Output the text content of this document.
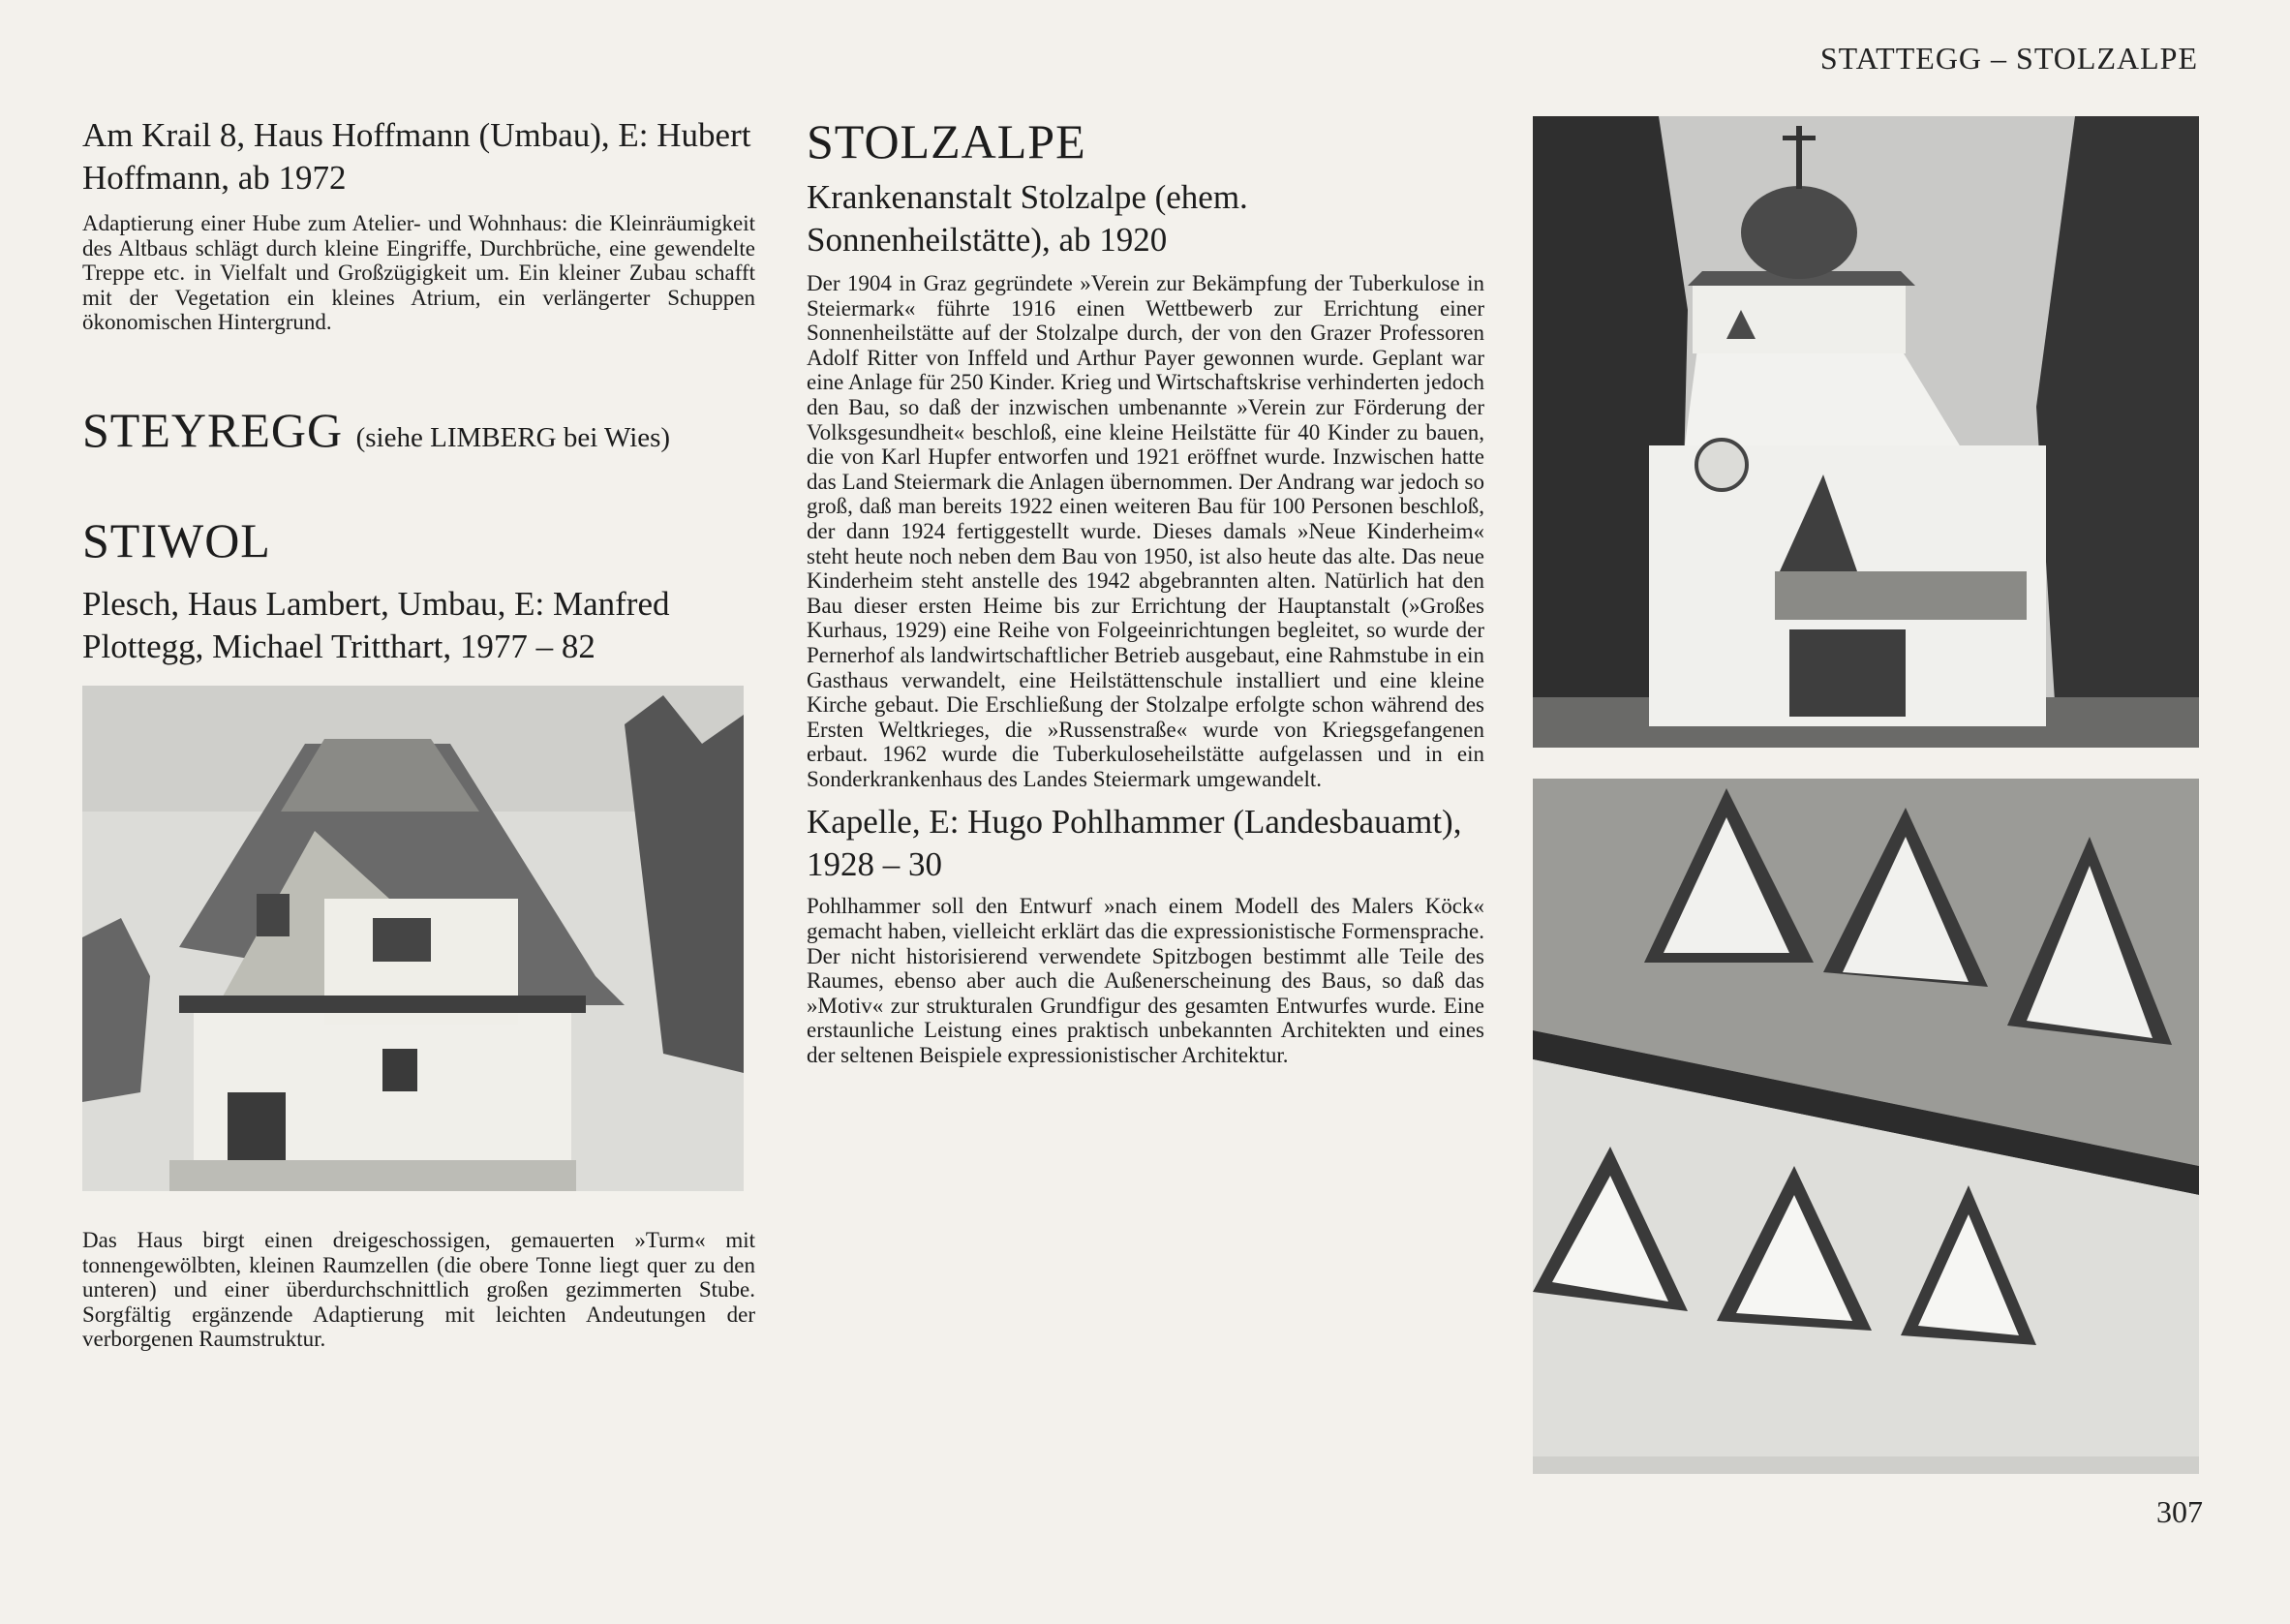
STATTEGG – STOLZALPE
Am Krail 8, Haus Hoffmann (Umbau), E: Hubert Hoffmann, ab 1972

Adaptierung einer Hube zum Atelier- und Wohnhaus: die Kleinräumigkeit des Altbaus schlägt durch kleine Eingriffe, Durchbrüche, eine gewendelte Treppe etc. in Vielfalt und Großzügigkeit um. Ein kleiner Zubau schafft mit der Vegetation ein kleines Atrium, ein verlängerter Schuppen ökonomischen Hintergrund.

STEYREGG (siehe LIMBERG bei Wies)
STIWOL
Plesch, Haus Lambert, Umbau, E: Manfred Plottegg, Michael Tritthart, 1977 – 82

Das Haus birgt einen dreigeschossigen, gemauerten »Turm« mit tonnengewölbten, kleinen Raumzellen (die obere Tonne liegt quer zu den unteren) und einer überdurchschnittlich großen gezimmerten Stube. Sorgfältig ergänzende Adaptierung mit leichten Andeutungen der verborgenen Raumstruktur.

STOLZALPE
Krankenanstalt Stolzalpe (ehem. Sonnenheilstätte), ab 1920

Der 1904 in Graz gegründete »Verein zur Bekämpfung der Tuberkulose in Steiermark« führte 1916 einen Wettbewerb zur Errichtung einer Sonnenheilstätte auf der Stolzalpe durch, der von den Grazer Professoren Adolf Ritter von Inffeld und Arthur Payer gewonnen wurde. Geplant war eine Anlage für 250 Kinder. Krieg und Wirtschaftskrise verhinderten jedoch den Bau, so daß der inzwischen umbenannte »Verein zur Förderung der Volksgesundheit« beschloß, eine kleine Heilstätte für 40 Kinder zu bauen, die von Karl Hupfer entworfen und 1921 eröffnet wurde. Inzwischen hatte das Land Steiermark die Anlagen übernommen. Der Andrang war jedoch so groß, daß man bereits 1922 einen weiteren Bau für 100 Personen beschloß, der dann 1924 fertiggestellt wurde. Dieses damals »Neue Kinderheim« steht heute noch neben dem Bau von 1950, ist also heute das alte. Das neue Kinderheim steht anstelle des 1942 abgebrannten alten. Natürlich hat den Bau dieser ersten Heime bis zur Errichtung der Hauptanstalt (»Großes Kurhaus, 1929) eine Reihe von Folgeeinrichtungen begleitet, so wurde der Pernerhof als landwirtschaftlicher Betrieb ausgebaut, eine Rahmstube in ein Gasthaus verwandelt, eine Heilstättenschule installiert und eine kleine Kirche gebaut. Die Erschließung der Stolzalpe erfolgte schon während des Ersten Weltkrieges, die »Russenstraße« wurde von Kriegsgefangenen erbaut. 1962 wurde die Tuberkuloseheilstätte aufgelassen und in ein Sonderkrankenhaus des Landes Steiermark umgewandelt.

Kapelle, E: Hugo Pohlhammer (Landesbauamt), 1928 – 30

Pohlhammer soll den Entwurf »nach einem Modell des Malers Köck« gemacht haben, vielleicht erklärt das die expressionistische Formensprache. Der nicht historisierend verwendete Spitzbogen bestimmt alle Teile des Raumes, ebenso aber auch die Außenerscheinung des Baus, so daß das »Motiv« zur strukturalen Grundfigur des gesamten Entwurfes wurde. Eine erstaunliche Leistung eines praktisch unbekannten Architekten und eines der seltenen Beispiele expressionistischer Architektur.

307
